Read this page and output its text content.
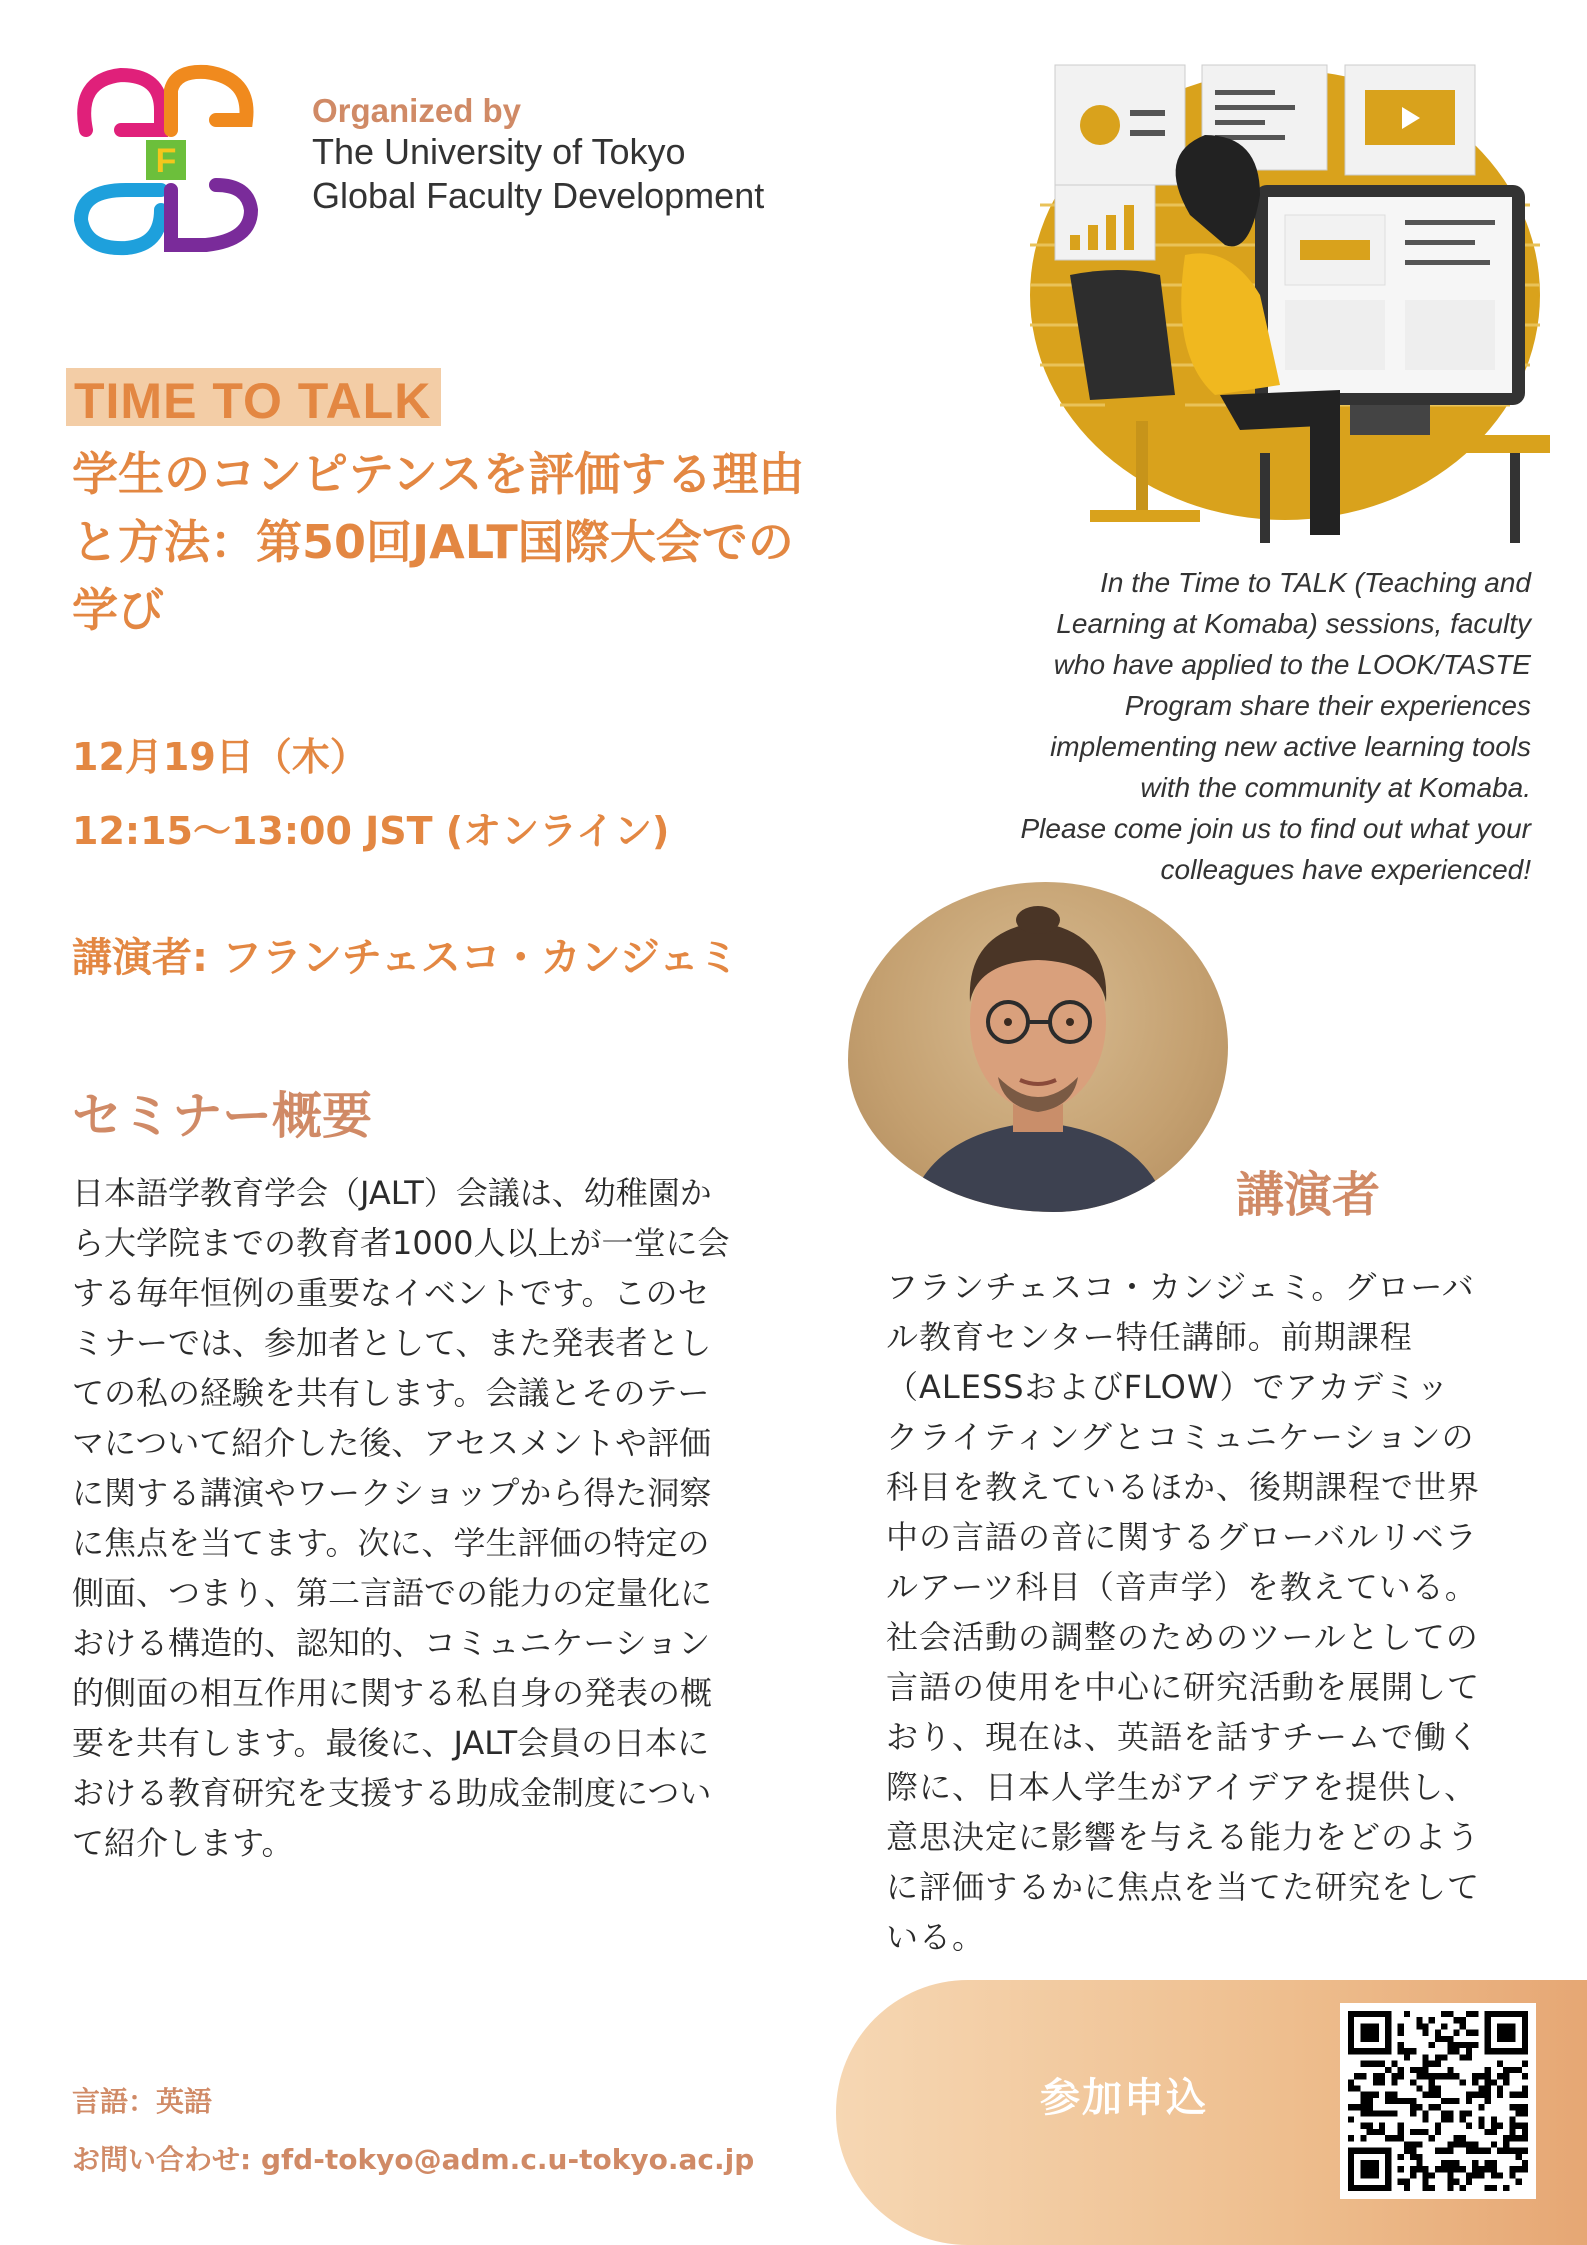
F
Organized by
The University of Tokyo
Global Faculty Development
TIME TO TALK
学生のコンピテンスを評価する理由
と方法：第50回JALT国際大会での
学び
In the Time to TALK (Teaching and
Learning at Komaba) sessions, faculty
who have applied to the LOOK/TASTE
Program share their experiences
implementing new active learning tools
with the community at Komaba.
Please come join us to find out what your
colleagues have experienced!
12月19日（木）
12:15〜13:00 JST (オンライン)
講演者: フランチェスコ・カンジェミ
セミナー概要
日本語学教育学会（JALT）会議は、幼稚園か
ら大学院までの教育者1000人以上が一堂に会
する毎年恒例の重要なイベントです。このセ
ミナーでは、参加者として、また発表者とし
ての私の経験を共有します。会議とそのテー
マについて紹介した後、アセスメントや評価
に関する講演やワークショップから得た洞察
に焦点を当てます。次に、学生評価の特定の
側面、つまり、第二言語での能力の定量化に
おける構造的、認知的、コミュニケーション
的側面の相互作用に関する私自身の発表の概
要を共有します。最後に、JALT会員の日本に
おける教育研究を支援する助成金制度につい
て紹介します。
講演者
フランチェスコ・カンジェミ。グローバ
ル教育センター特任講師。前期課程
（ALESSおよびFLOW）でアカデミッ
クライティングとコミュニケーションの
科目を教えているほか、後期課程で世界
中の言語の音に関するグローバルリベラ
ルアーツ科目（音声学）を教えている。
社会活動の調整のためのツールとしての
言語の使用を中心に研究活動を展開して
おり、現在は、英語を話すチームで働く
際に、日本人学生がアイデアを提供し、
意思決定に影響を与える能力をどのよう
に評価するかに焦点を当てた研究をして
いる。
参加申込
言語：英語
お問い合わせ: gfd-tokyo@adm.c.u-tokyo.ac.jp
